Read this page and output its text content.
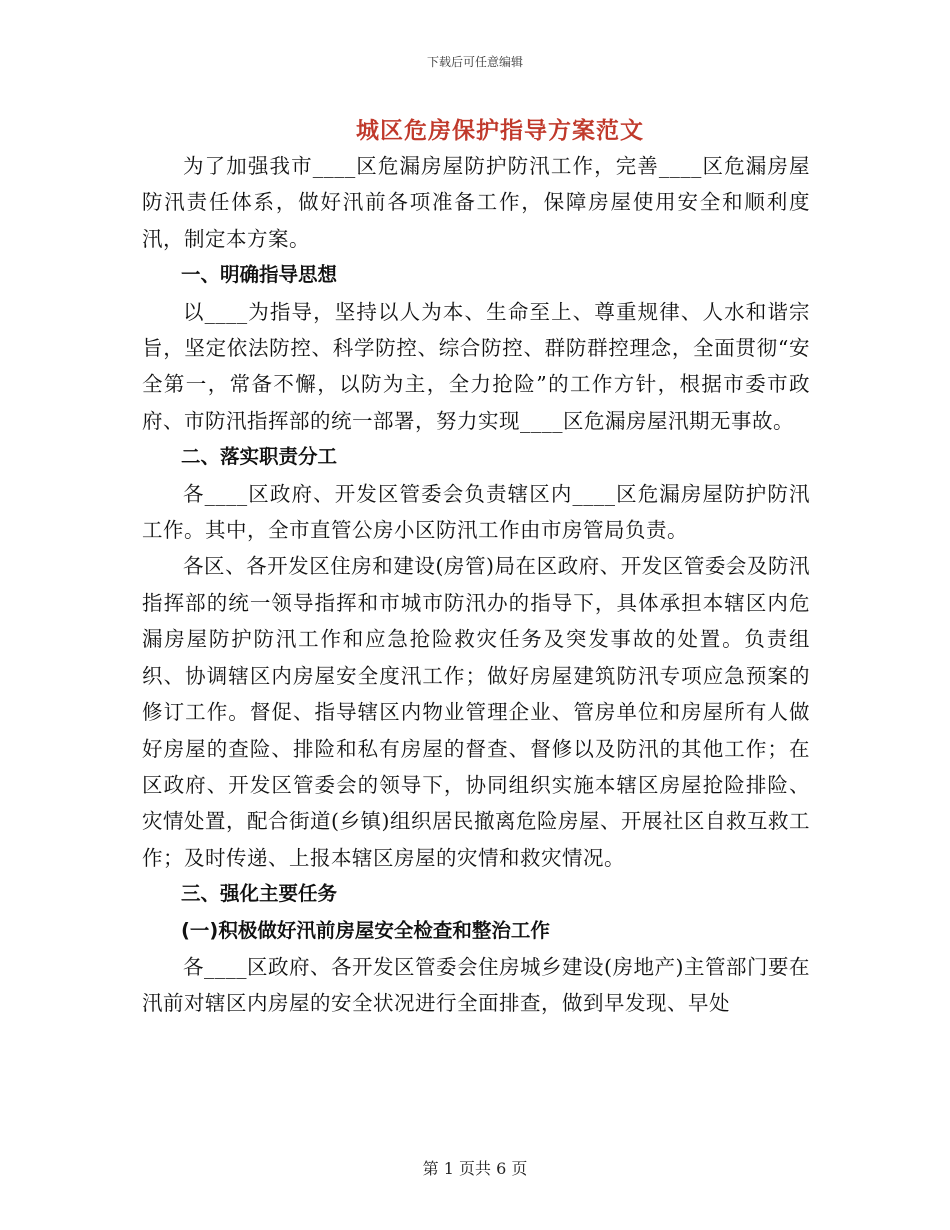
下载后可任意编辑
城区危房保护指导方案范文

为了加强我市____区危漏房屋防护防汛工作，完善____区危漏房屋防汛责任体系，做好汛前各项准备工作，保障房屋使用安全和顺利度汛，制定本方案。

一、明确指导思想

以____为指导，坚持以人为本、生命至上、尊重规律、人水和谐宗旨，坚定依法防控、科学防控、综合防控、群防群控理念，全面贯彻“安全第一，常备不懈，以防为主，全力抢险”的工作方针，根据市委市政府、市防汛指挥部的统一部署，努力实现____区危漏房屋汛期无事故。

二、落实职责分工

各____区政府、开发区管委会负责辖区内____区危漏房屋防护防汛工作。其中，全市直管公房小区防汛工作由市房管局负责。

各区、各开发区住房和建设(房管)局在区政府、开发区管委会及防汛指挥部的统一领导指挥和市城市防汛办的指导下，具体承担本辖区内危漏房屋防护防汛工作和应急抢险救灾任务及突发事故的处置。负责组织、协调辖区内房屋安全度汛工作；做好房屋建筑防汛专项应急预案的修订工作。督促、指导辖区内物业管理企业、管房单位和房屋所有人做好房屋的查险、排险和私有房屋的督查、督修以及防汛的其他工作；在区政府、开发区管委会的领导下，协同组织实施本辖区房屋抢险排险、灾情处置，配合街道(乡镇)组织居民撤离危险房屋、开展社区自救互救工作；及时传递、上报本辖区房屋的灾情和救灾情况。

三、强化主要任务

(一)积极做好汛前房屋安全检查和整治工作

各____区政府、各开发区管委会住房城乡建设(房地产)主管部门要在汛前对辖区内房屋的安全状况进行全面排查，做到早发现、早处

第 1 页共 6 页
